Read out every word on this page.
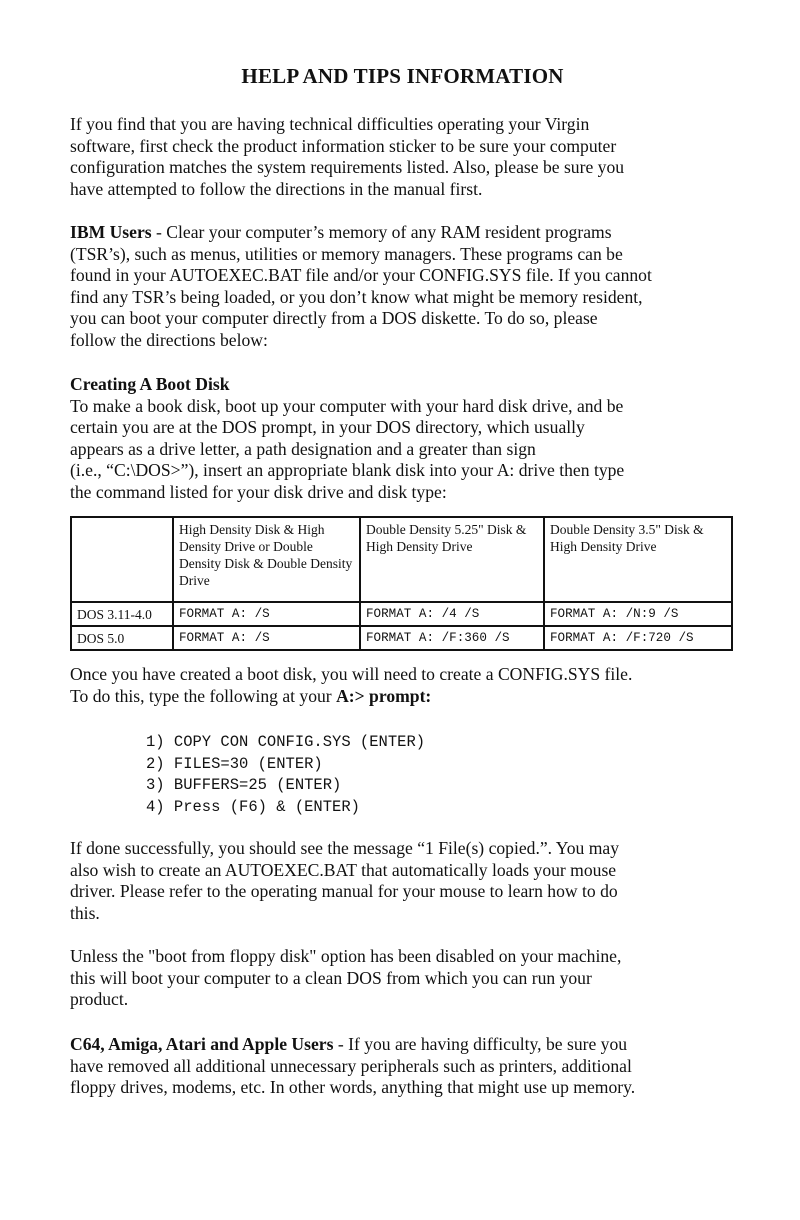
HELP AND TIPS INFORMATION
If you find that you are having technical difficulties operating your Virgin
software, first check the product information sticker to be sure your computer
configuration matches the system requirements listed. Also, please be sure you
have attempted to follow the directions in the manual first.
IBM Users - Clear your computer’s memory of any RAM resident programs
(TSR’s), such as menus, utilities or memory managers. These programs can be
found in your AUTOEXEC.BAT file and/or your CONFIG.SYS file. If you cannot
find any TSR’s being loaded, or you don’t know what might be memory resident,
you can boot your computer directly from a DOS diskette. To do so, please
follow the directions below:
Creating A Boot Disk
To make a book disk, boot up your computer with your hard disk drive, and be
certain you are at the DOS prompt, in your DOS directory, which usually
appears as a drive letter, a path designation and a greater than sign
(i.e., “C:\DOS>”), insert an appropriate blank disk into your A: drive then type
the command listed for your disk drive and disk type:
	High Density Disk & High Density Drive or Double Density Disk & Double Density Drive	Double Density 5.25" Disk & High Density Drive	Double Density 3.5" Disk & High Density Drive
DOS 3.11-4.0	FORMAT A: /S	FORMAT A: /4 /S	FORMAT A: /N:9 /S
DOS 5.0	FORMAT A: /S	FORMAT A: /F:360 /S	FORMAT A: /F:720 /S
Once you have created a boot disk, you will need to create a CONFIG.SYS file.
To do this, type the following at your A:> prompt:
1) COPY CON CONFIG.SYS (ENTER)
2) FILES=30 (ENTER)
3) BUFFERS=25 (ENTER)
4) Press (F6) & (ENTER)
If done successfully, you should see the message “1 File(s) copied.”. You may
also wish to create an AUTOEXEC.BAT that automatically loads your mouse
driver. Please refer to the operating manual for your mouse to learn how to do
this.
Unless the "boot from floppy disk" option has been disabled on your machine,
this will boot your computer to a clean DOS from which you can run your
product.
C64, Amiga, Atari and Apple Users - If you are having difficulty, be sure you
have removed all additional unnecessary peripherals such as printers, additional
floppy drives, modems, etc. In other words, anything that might use up memory.
